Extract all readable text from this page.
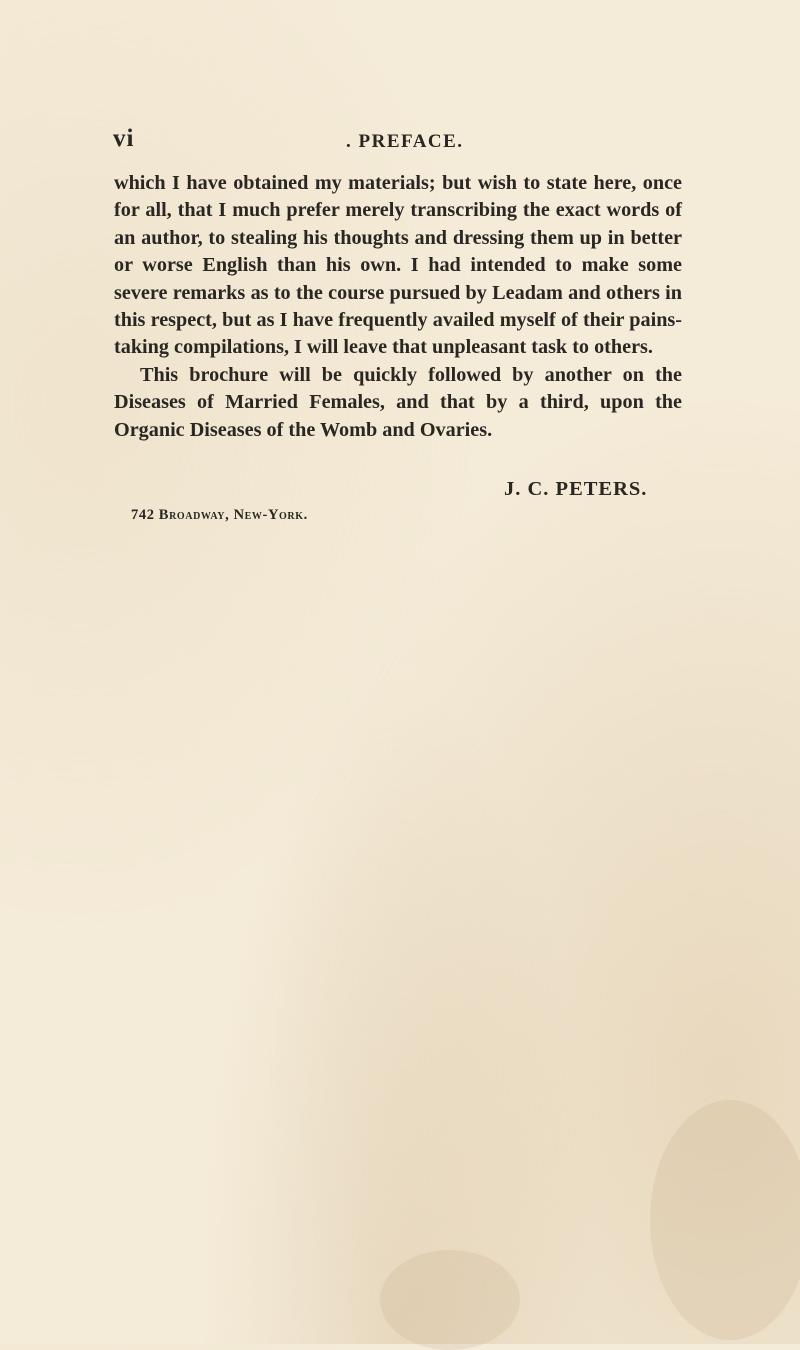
vi	. PREFACE.

which I have obtained my materials; but wish to state here, once for all, that I much prefer merely transcribing the exact words of an author, to stealing his thoughts and dressing them up in better or worse English than his own. I had intended to make some severe remarks as to the course pursued by Leadam and others in this respect, but as I have frequently availed myself of their pains-taking compilations, I will leave that unpleasant task to others.

This brochure will be quickly followed by another on the Diseases of Married Females, and that by a third, upon the Organic Diseases of the Womb and Ovaries.

J. C. PETERS.
742 Broadway, New-York.
